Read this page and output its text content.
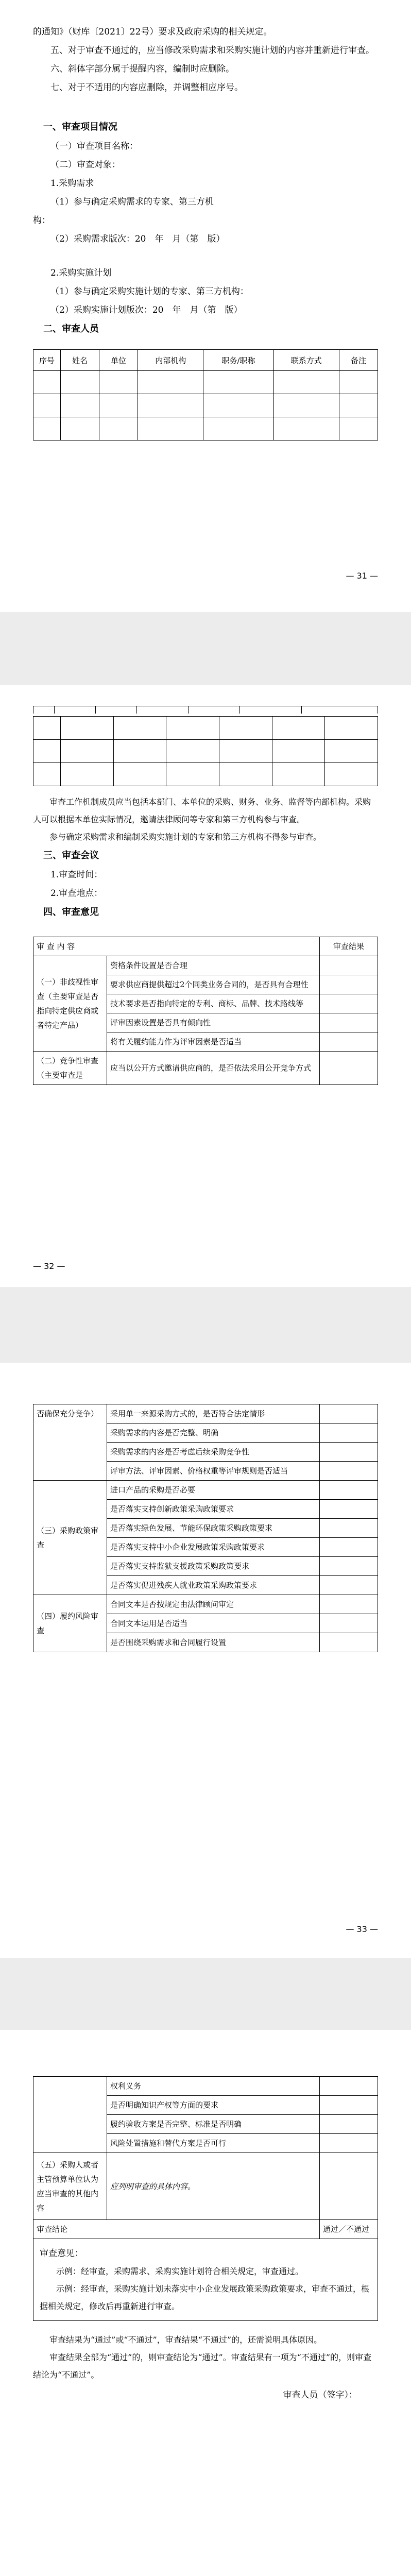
的通知》（财库〔2021〕22号）要求及政府采购的相关规定。

五、对于审查不通过的，应当修改采购需求和采购实施计划的内容并重新进行审查。

六、斜体字部分属于提醒内容，编制时应删除。

七、对于不适用的内容应删除，并调整相应序号。

一、审查项目情况

（一）审查项目名称：

（二）审查对象：

1.采购需求

（1）参与确定采购需求的专家、第三方机

构：

（2）采购需求版次：20　年　月（第　版）

2.采购实施计划

（1）参与确定采购实施计划的专家、第三方机构：

（2）采购实施计划版次：20　年　月（第　版）

二、审查人员

序号	姓名	单位	内部机构	职务/职称	联系方式	备注

— 31 —

审查工作机制成员应当包括本部门、本单位的采购、财务、业务、监督等内部机构。采购人可以根据本单位实际情况，邀请法律顾问等专家和第三方机构参与审查。

参与确定采购需求和编制采购实施计划的专家和第三方机构不得参与审查。

三、审查会议

1.审查时间：

2.审查地点：

四、审查意见

审 查 内 容		审查结果
（一）非歧视性审查（主要审查是否指向特定供应商或者特定产品）	资格条件设置是否合理	
	要求供应商提供超过2个同类业务合同的，是否具有合理性	
	技术要求是否指向特定的专利、商标、品牌、技术路线等	
	评审因素设置是否具有倾向性	
	将有关履约能力作为评审因素是否适当	
（二）竞争性审查（主要审查是	应当以公开方式邀请供应商的，是否依法采用公开竞争方式	
— 32 —
否确保充分竞争）	采用单一来源采购方式的，是否符合法定情形	
	采购需求的内容是否完整、明确	
	采购需求的内容是否考虑后续采购竞争性	
	评审方法、评审因素、价格权重等评审规则是否适当	
（三）采购政策审查	进口产品的采购是否必要	
	是否落实支持创新政策采购政策要求	
	是否落实绿色发展、节能环保政策采购政策要求	
	是否落实支持中小企业发展政策采购政策要求	
	是否落实支持监狱支援政策采购政策要求	
	是否落实促进残疾人就业政策采购政策要求	
（四）履约风险审查	合同文本是否按规定由法律顾问审定	
	合同文本运用是否适当	
	是否围绕采购需求和合同履行设置	
— 33 —
	权利义务	
	是否明确知识产权等方面的要求	
	履约验收方案是否完整、标准是否明确	
	风险处置措施和替代方案是否可行	
（五）采购人或者主管预算单位认为应当审查的其他内容	应列明审查的具体内容。	
审查结论		通过／不通过

审查意见：

示例：经审查，采购需求、采购实施计划符合相关规定，审查通过。

示例：经审查，采购实施计划未落实中小企业发展政策采购政策要求，审查不通过，根据相关规定，修改后再重新进行审查。		

审查结果为“通过”或“不通过”，审查结果“不通过”的，还需说明具体原因。

审查结果全部为“通过”的，则审查结论为“通过”。审查结果有一项为“不通过”的，则审查结论为“不通过”。

审查人员（签字）：
